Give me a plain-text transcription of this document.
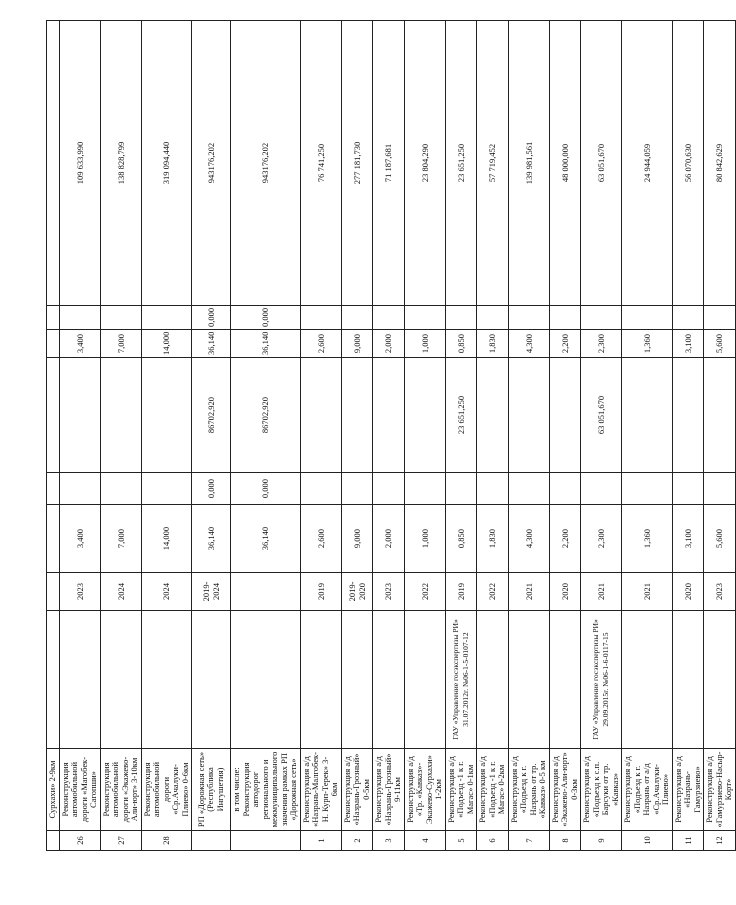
	Сурхахи» 2-9км								
26	Реконструкция автомобильной дороги «Магобек-Сагопши»		2023	3,400			3,400		109 633,990
27	Реконструкция автомобильной дороги «Экажево-Али-юрт» 3-10км		2024	7,000			7,000		138 828,799
28	Реконструкция автомобильной дороги «Ср.Ачалуки-Плиево» 0-6км		2024	14,000			14,000		319 094,440
	РП «Дорожная сеть» (Республика Ингушетия)		2019-2024	36,140	0,000	86702,920	36,140	0,000	943176,202
	в том числе: Реконструкция автодорог регионального и межмуниципального значения рамках РП «Дорожная сеть»			36,140	0,000	86702,920	36,140	0,000	943176,202
1	Реконструкция а/д «Назрань-Малгобек-Н. Курп-Терек» 3-6км		2019	2,600			2,600		76 741,250
2	Реконструкция а/д «Назрань-Грозный» 0-5км		2019-2020	9,000			9,000		277 181,730
3	Реконструкция а/д «Назрань-Грозный» 9-11км		2023	2,000			2,000		71 187,681
4	Реконструкция а/д «Тр. «Кавказ»-Экажево-Сурхахи» 1-2км		2022	1,000			1,000		23 804,290
5	Реконструкция а/д «Подъезд -1 к г. Магас» 0-1км	ГАУ «Управление госэкспертизы РИ» 31.07.2012г. №06-1-5-0107-12	2019	0,850		23 651,250	0,850		23 651,250
6	Реконструкция а/д «Подъезд -1 к г. Магас» 0-2км		2022	1,830			1,830		57 719,452
7	Реконструкция а/д «Подъезд к г. Назрань от тр. «Кавказ» 0-5 км		2021	4,300			4,300		139 981,561
8	Реконструкция а/д «Экажево-Али-юрт» 0-3км		2020	2,200			2,200		48 000,000
9	Реконструкция а/д «Подъезд к с.п. Барсуки от тр. «Кавказ»	ГАУ «Управление госэкспертизы РИ» 29.09.2015г. №06-1-6-0117-15	2021	2,300		63 051,670	2,300		63 051,670
10	Реконструкция а/д «Подъезд к г. Назрань от а/д «Ср.Ачалуки-Плиево»		2021	1,360			1,360		24 944,059
11	Реконструкция а/д «Назрань-Гамурзиево»		2020	3,100			3,100		56 070,630
12	Реконструкция а/д «Гамурзиево-Насыр-Корт»		2023	5,600			5,600		80 842,629
